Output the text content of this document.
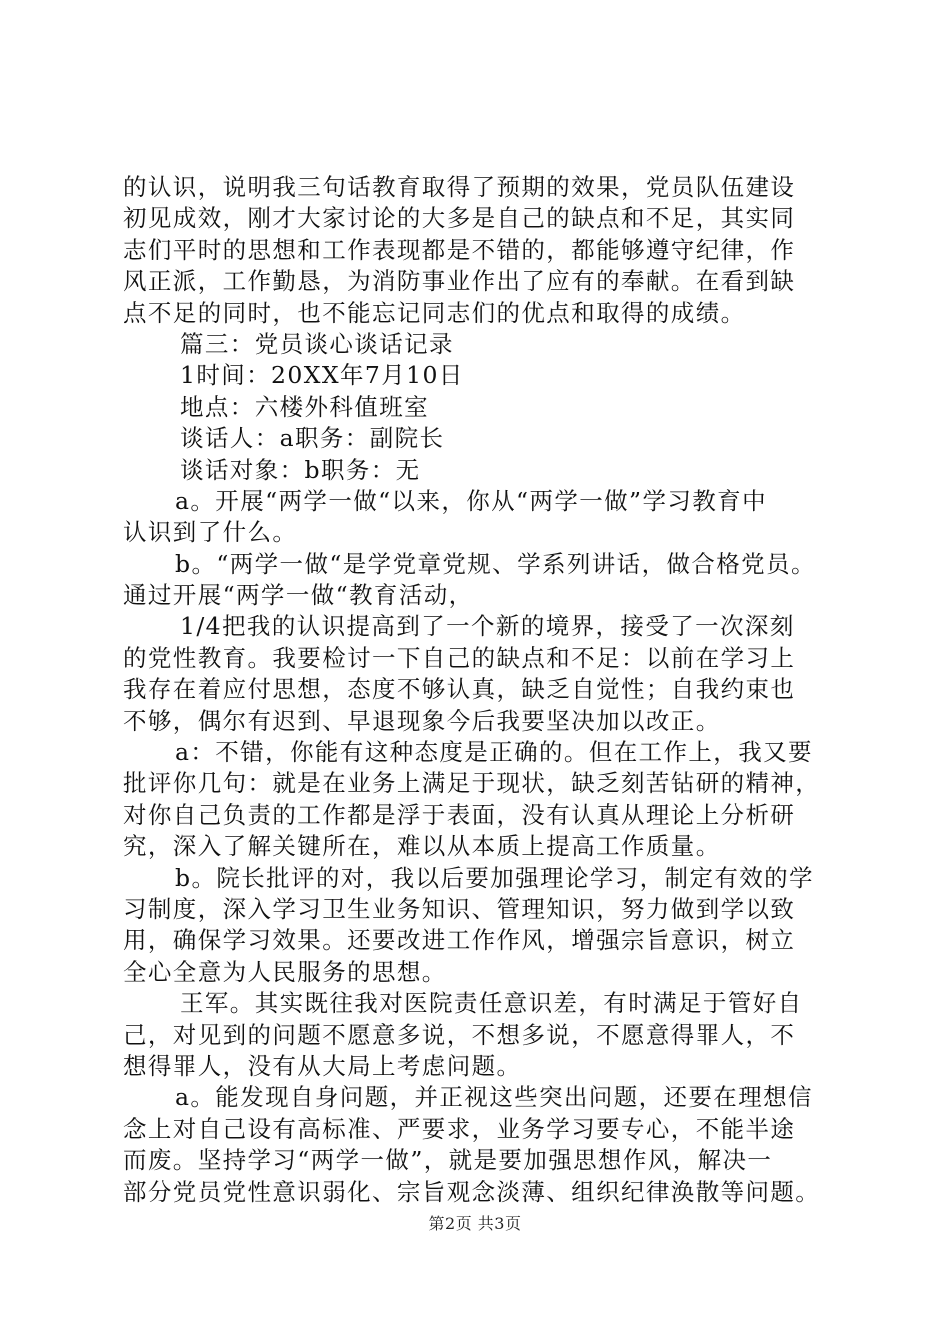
的认识，说明我三句话教育取得了预期的效果，党员队伍建设
初见成效，刚才大家讨论的大多是自己的缺点和不足，其实同
志们平时的思想和工作表现都是不错的，都能够遵守纪律，作
风正派，工作勤恳，为消防事业作出了应有的奉献。在看到缺
点不足的同时，也不能忘记同志们的优点和取得的成绩。
篇三：党员谈心谈话记录
1时间：20XX年7月10日
地点：六楼外科值班室
谈话人：a职务：副院长
谈话对象：b职务：无
a。开展“两学一做“以来，你从“两学一做”学习教育中
认识到了什么。
b。“两学一做“是学党章党规、学系列讲话，做合格党员。
通过开展“两学一做“教育活动，
1/4把我的认识提高到了一个新的境界，接受了一次深刻
的党性教育。我要检讨一下自己的缺点和不足：以前在学习上
我存在着应付思想，态度不够认真，缺乏自觉性；自我约束也
不够，偶尔有迟到、早退现象今后我要坚决加以改正。
a：不错，你能有这种态度是正确的。但在工作上，我又要
批评你几句：就是在业务上满足于现状，缺乏刻苦钻研的精神，
对你自己负责的工作都是浮于表面，没有认真从理论上分析研
究，深入了解关键所在，难以从本质上提高工作质量。
b。院长批评的对，我以后要加强理论学习，制定有效的学
习制度，深入学习卫生业务知识、管理知识，努力做到学以致
用，确保学习效果。还要改进工作作风，增强宗旨意识，树立
全心全意为人民服务的思想。
王军。其实既往我对医院责任意识差，有时满足于管好自
己，对见到的问题不愿意多说，不想多说，不愿意得罪人，不
想得罪人，没有从大局上考虑问题。
a。能发现自身问题，并正视这些突出问题，还要在理想信
念上对自己设有高标准、严要求，业务学习要专心，不能半途
而废。坚持学习“两学一做”，就是要加强思想作风，解决一
部分党员党性意识弱化、宗旨观念淡薄、组织纪律涣散等问题。
第2页 共3页
